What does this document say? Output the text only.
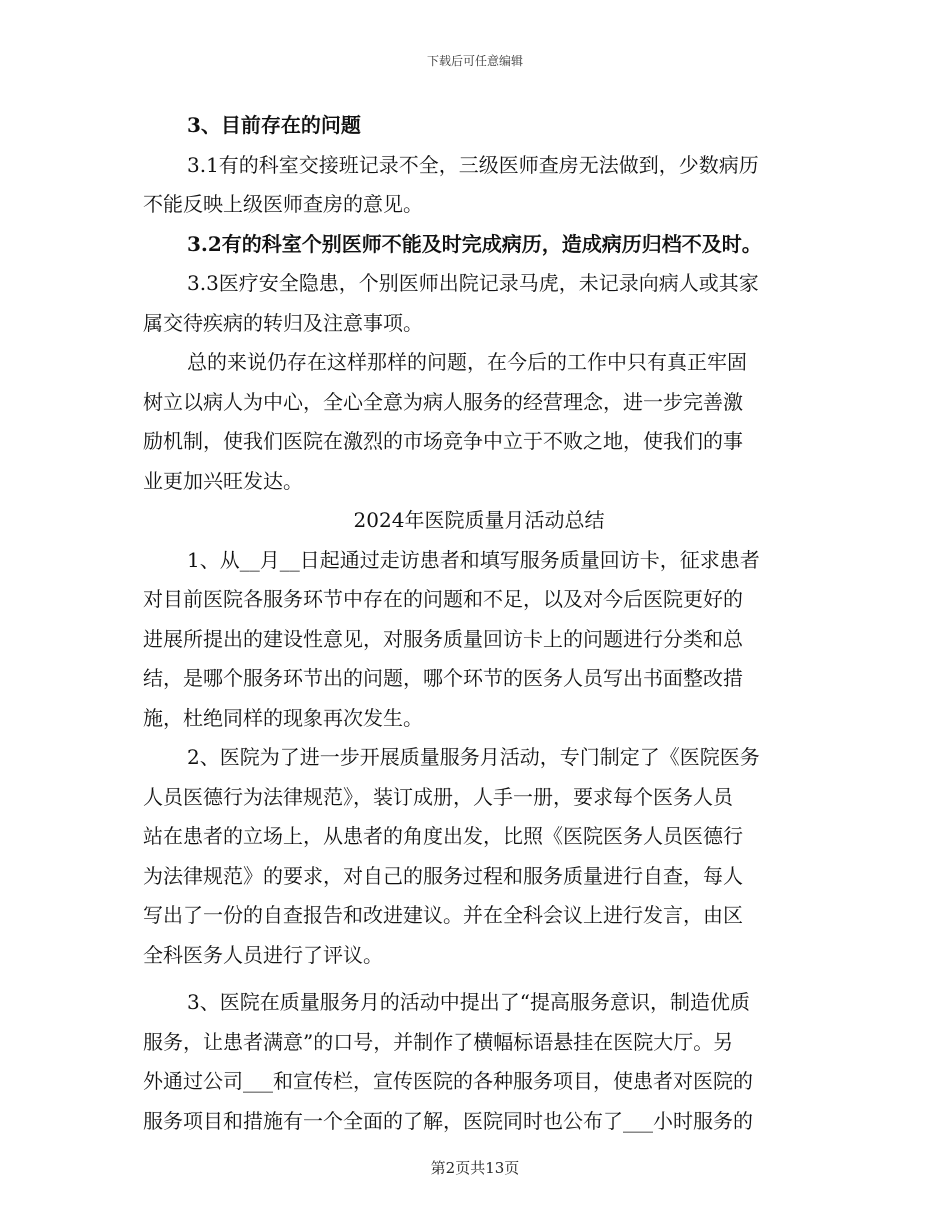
下载后可任意编辑
3、目前存在的问题
3.1有的科室交接班记录不全，三级医师查房无法做到，少数病历
不能反映上级医师查房的意见。
3.2有的科室个别医师不能及时完成病历，造成病历归档不及时。
3.3医疗安全隐患，个别医师出院记录马虎，未记录向病人或其家
属交待疾病的转归及注意事项。
总的来说仍存在这样那样的问题，在今后的工作中只有真正牢固
树立以病人为中心，全心全意为病人服务的经营理念，进一步完善激
励机制，使我们医院在激烈的市场竞争中立于不败之地，使我们的事
业更加兴旺发达。
2024年医院质量月活动总结
1、从__月__日起通过走访患者和填写服务质量回访卡，征求患者
对目前医院各服务环节中存在的问题和不足，以及对今后医院更好的
进展所提出的建设性意见，对服务质量回访卡上的问题进行分类和总
结，是哪个服务环节出的问题，哪个环节的医务人员写出书面整改措
施，杜绝同样的现象再次发生。
2、医院为了进一步开展质量服务月活动，专门制定了《医院医务
人员医德行为法律规范》，装订成册，人手一册，要求每个医务人员
站在患者的立场上，从患者的角度出发，比照《医院医务人员医德行
为法律规范》的要求，对自己的服务过程和服务质量进行自查，每人
写出了一份的自查报告和改进建议。并在全科会议上进行发言，由区
全科医务人员进行了评议。
3、医院在质量服务月的活动中提出了“提高服务意识，制造优质
服务，让患者满意”的口号，并制作了横幅标语悬挂在医院大厅。另
外通过公司___和宣传栏，宣传医院的各种服务项目，使患者对医院的
服务项目和措施有一个全面的了解，医院同时也公布了___小时服务的
第2页共13页
